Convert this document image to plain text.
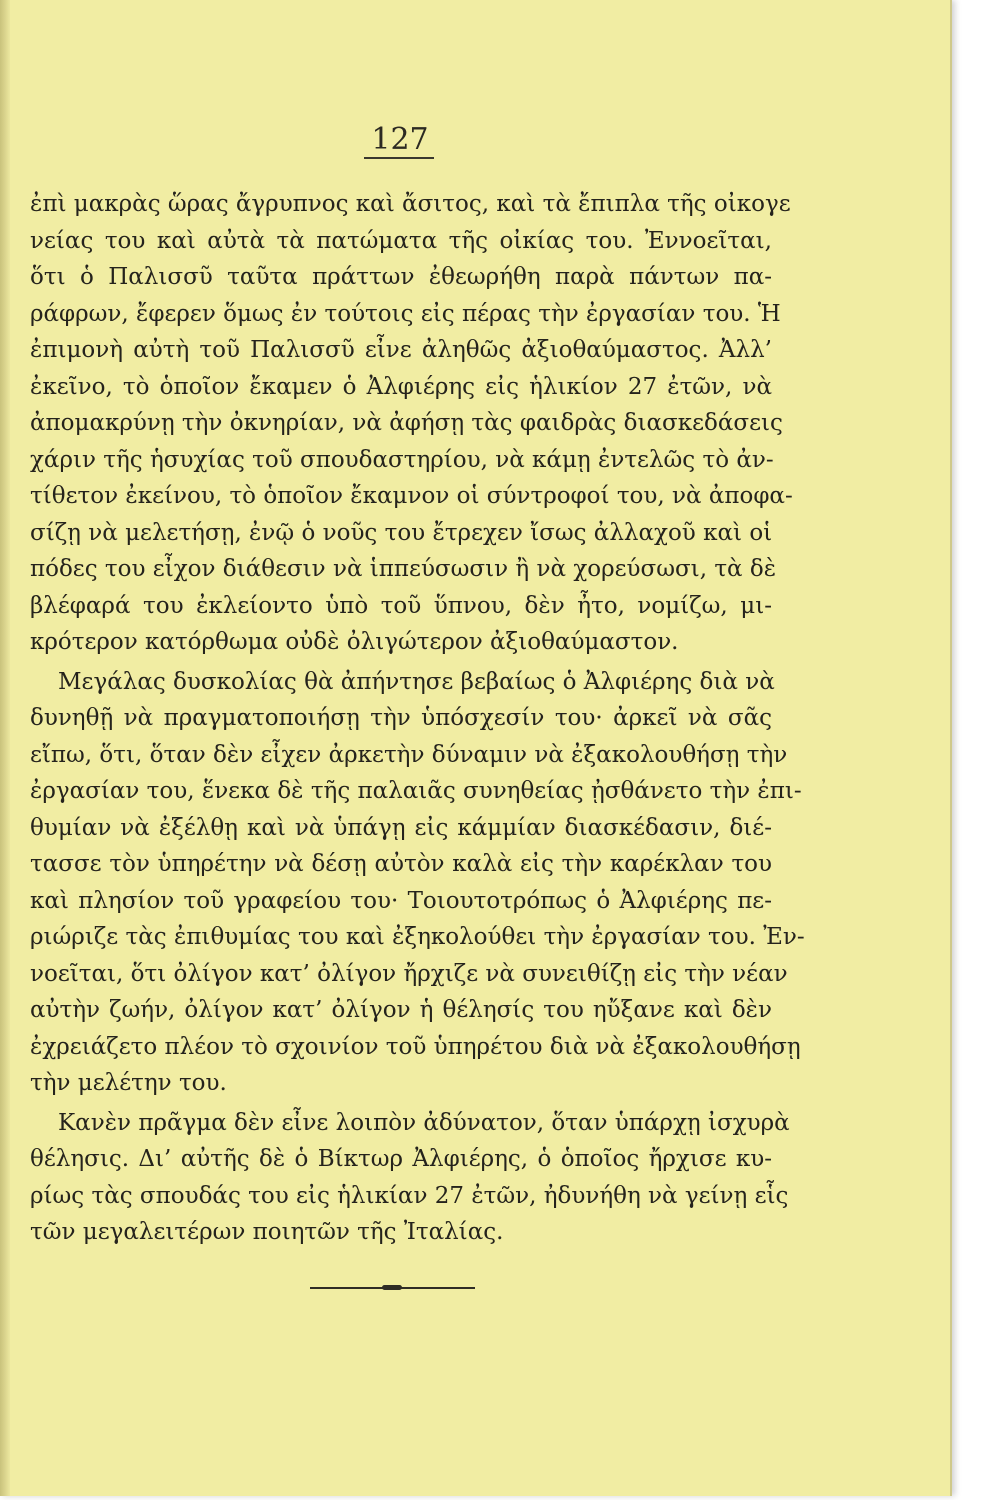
127
ἐπὶ μακρὰς ὥρας ἄγρυπνος καὶ ἄσιτος, καὶ τὰ ἔπιπλα τῆς οἰκογε
νείας του καὶ αὐτὰ τὰ πατώματα τῆς οἰκίας του. Ἐννοεῖται,
ὅτι ὁ Παλισσῦ ταῦτα πράττων ἐθεωρήθη παρὰ πάντων πα-
ράφρων, ἔφερεν ὅμως ἐν τούτοις εἰς πέρας τὴν ἐργασίαν του. Ἡ
ἐπιμονὴ αὐτὴ τοῦ Παλισσῦ εἶνε ἀληθῶς ἀξιοθαύμαστος. Ἀλλ’
ἐκεῖνο, τὸ ὁποῖον ἔκαμεν ὁ Ἀλφιέρης εἰς ἡλικίον 27 ἐτῶν, νὰ
ἀπομακρύνῃ τὴν ὀκνηρίαν, νὰ ἀφήσῃ τὰς φαιδρὰς διασκεδάσεις
χάριν τῆς ἡσυχίας τοῦ σπουδαστηρίου, νὰ κάμῃ ἐντελῶς τὸ ἀν-
τίθετον ἐκείνου, τὸ ὁποῖον ἔκαμνον οἱ σύντροφοί του, νὰ ἀποφα-
σίζῃ νὰ μελετήσῃ, ἐνῷ ὁ νοῦς του ἔτρεχεν ἴσως ἀλλαχοῦ καὶ οἱ
πόδες του εἶχον διάθεσιν νὰ ἱππεύσωσιν ἢ νὰ χορεύσωσι, τὰ δὲ
βλέφαρά του ἐκλείοντο ὑπὸ τοῦ ὕπνου, δὲν ἦτο, νομίζω, μι-
κρότερον κατόρθωμα οὐδὲ ὀλιγώτερον ἀξιοθαύμαστον.
Μεγάλας δυσκολίας θὰ ἀπήντησε βεβαίως ὁ Ἀλφιέρης διὰ νὰ
δυνηθῇ νὰ πραγματοποιήσῃ τὴν ὑπόσχεσίν του· ἀρκεῖ νὰ σᾶς
εἴπω, ὅτι, ὅταν δὲν εἶχεν ἀρκετὴν δύναμιν νὰ ἐξακολουθήσῃ τὴν
ἐργασίαν του, ἕνεκα δὲ τῆς παλαιᾶς συνηθείας ᾐσθάνετο τὴν ἐπι-
θυμίαν νὰ ἐξέλθῃ καὶ νὰ ὑπάγῃ εἰς κάμμίαν διασκέδασιν, διέ-
τασσε τὸν ὑπηρέτην νὰ δέσῃ αὐτὸν καλὰ εἰς τὴν καρέκλαν του
καὶ πλησίον τοῦ γραφείου του· Τοιουτοτρόπως ὁ Ἀλφιέρης πε-
ριώριζε τὰς ἐπιθυμίας του καὶ ἐξηκολούθει τὴν ἐργασίαν του. Ἐν-
νοεῖται, ὅτι ὀλίγον κατ’ ὀλίγον ἤρχιζε νὰ συνειθίζῃ εἰς τὴν νέαν
αὐτὴν ζωήν, ὀλίγον κατ’ ὀλίγον ἡ θέλησίς του ηὔξανε καὶ δὲν
ἐχρειάζετο πλέον τὸ σχοινίον τοῦ ὑπηρέτου διὰ νὰ ἐξακολουθήσῃ
τὴν μελέτην του.
Κανὲν πρᾶγμα δὲν εἶνε λοιπὸν ἀδύνατον, ὅταν ὑπάρχῃ ἰσχυρὰ
θέλησις. Δι’ αὐτῆς δὲ ὁ Βίκτωρ Ἀλφιέρης, ὁ ὁποῖος ἤρχισε κυ-
ρίως τὰς σπουδάς του εἰς ἡλικίαν 27 ἐτῶν, ἠδυνήθη νὰ γείνῃ εἷς
τῶν μεγαλειτέρων ποιητῶν τῆς Ἰταλίας.
